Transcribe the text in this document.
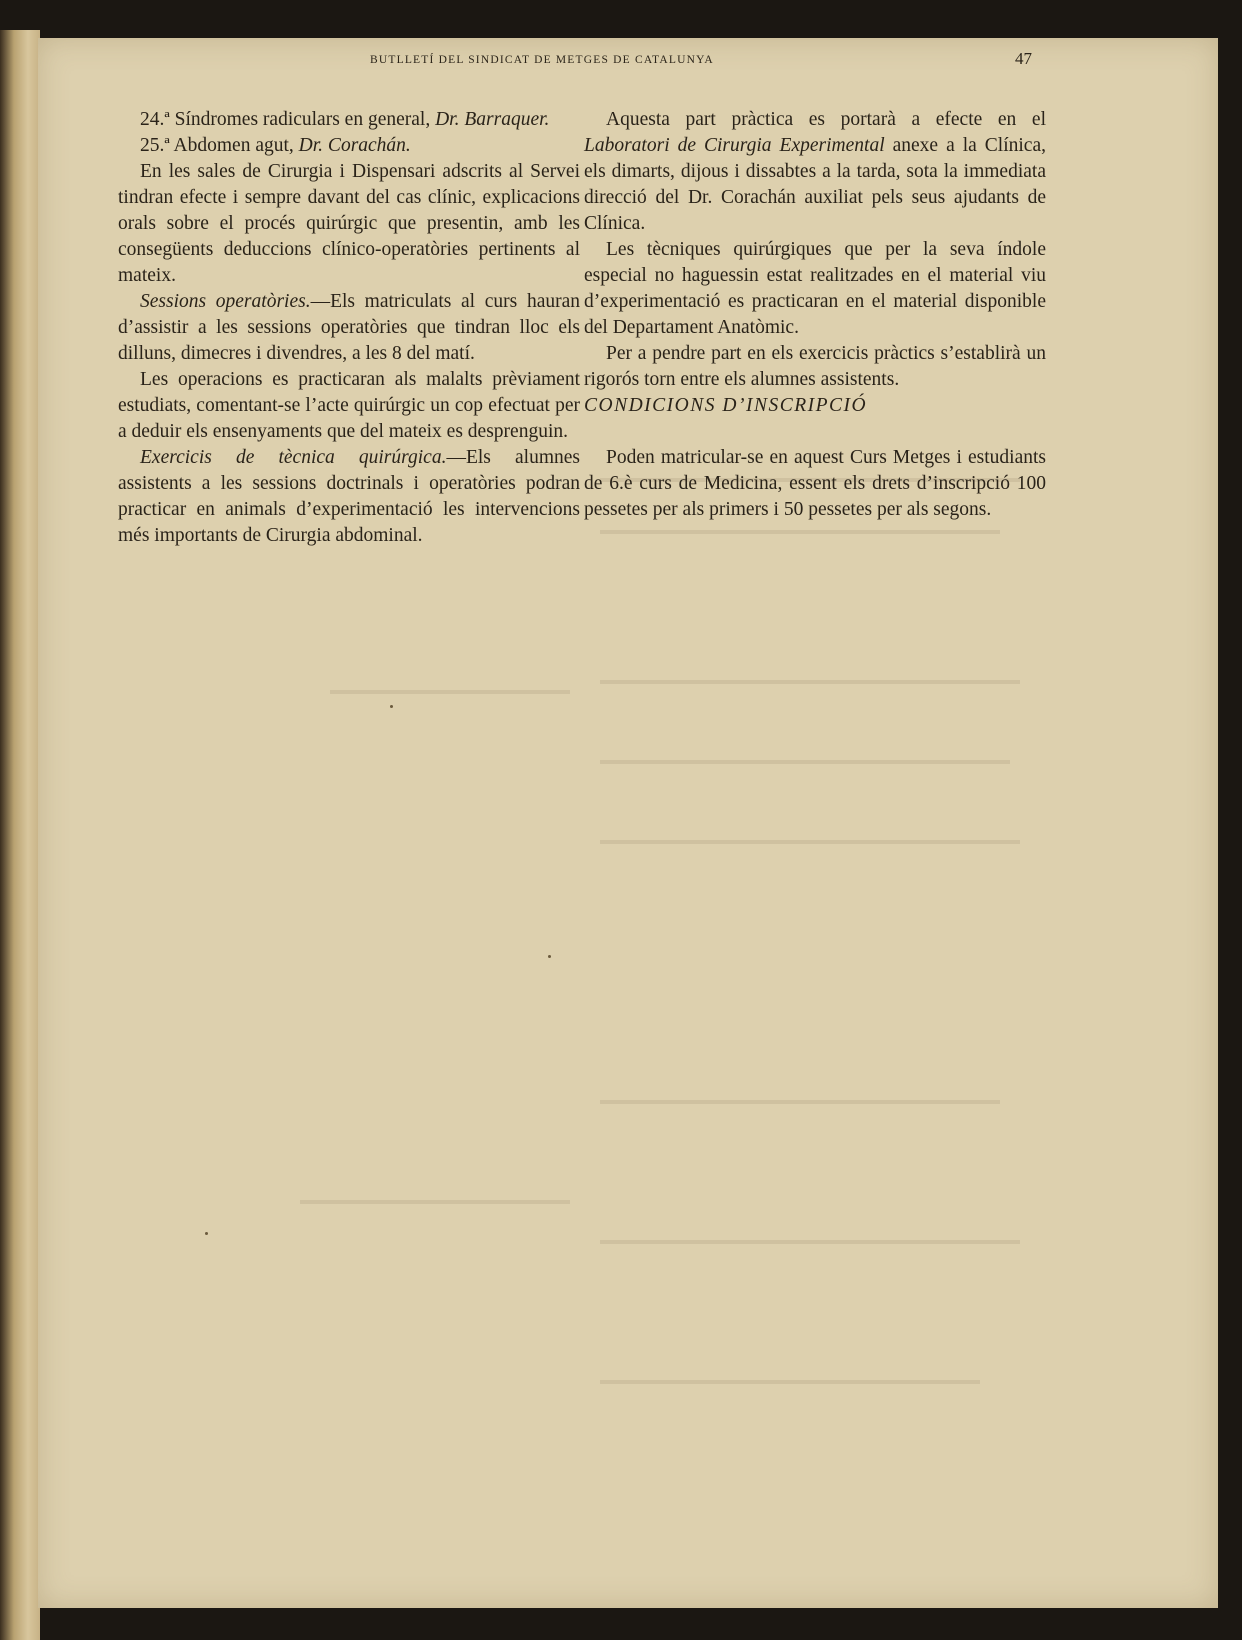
BUTLLETÍ DEL SINDICAT DE METGES DE CATALUNYA	47

24.ª Síndromes radiculars en general, Dr. Barraquer.

25.ª Abdomen agut, Dr. Corachán.

En les sales de Cirurgia i Dispensari adscrits al Servei tindran efecte i sempre davant del cas clínic, explicacions orals sobre el procés quirúrgic que presentin, amb les consegüents deduccions clínico-operatòries pertinents al mateix.

Sessions operatòries.—Els matriculats al curs hauran d’assistir a les sessions operatòries que tindran lloc els dilluns, dimecres i divendres, a les 8 del matí.

Les operacions es practicaran als malalts prèviament estudiats, comentant-se l’acte quirúrgic un cop efectuat per a deduir els ensenyaments que del mateix es desprenguin.

Exercicis de tècnica quirúrgica.—Els alumnes assistents a les sessions doctrinals i operatòries podran practicar en animals d’experimentació les intervencions més importants de Cirurgia abdominal.

Aquesta part pràctica es portarà a efecte en el Laboratori de Cirurgia Experimental anexe a la Clínica, els dimarts, dijous i dissabtes a la tarda, sota la immediata direcció del Dr. Corachán auxiliat pels seus ajudants de Clínica.

Les tècniques quirúrgiques que per la seva índole especial no haguessin estat realitzades en el material viu d’experimentació es practicaran en el material disponible del Departament Anatòmic.

Per a pendre part en els exercicis pràctics s’establirà un rigorós torn entre els alumnes assistents.

CONDICIONS D’INSCRIPCIÓ

Poden matricular-se en aquest Curs Metges i estudiants de 6.è curs de Medicina, essent els drets d’inscripció 100 pessetes per als primers i 50 pessetes per als segons.
